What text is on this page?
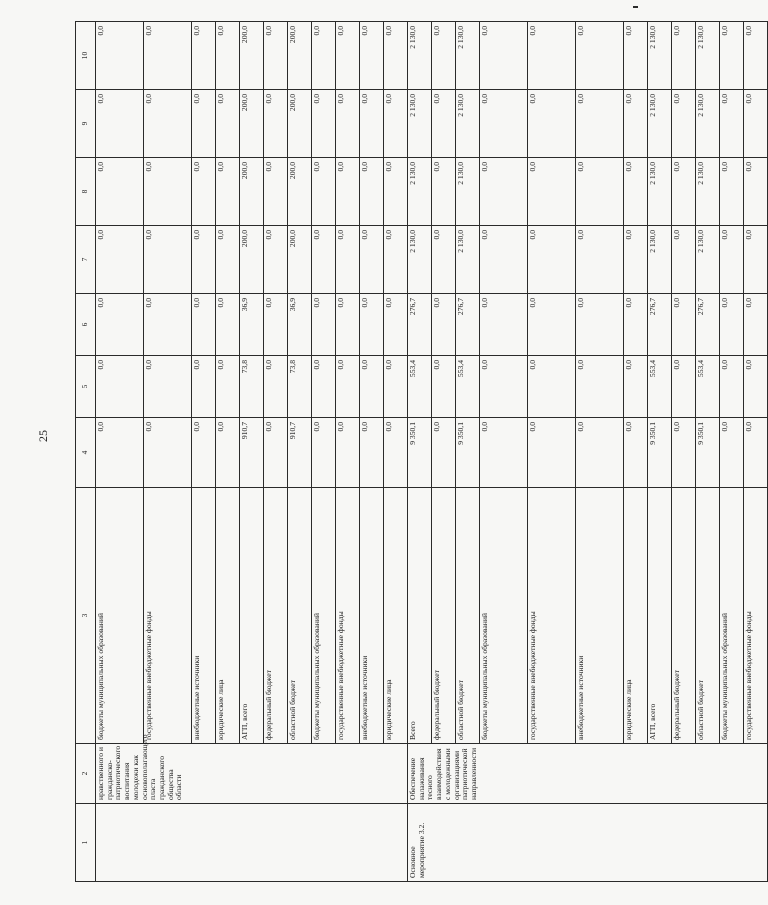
25
1	2	3	4	5	6	7	8	9	10
	нравственного и гражданско-патриотического воспитания молодежи как основополагающего пласта гражданского общества области	бюджеты муниципальных образований	0,0	0,0	0,0	0,0	0,0	0,0	0,0
		государственные внебюджетные фонды	0,0	0,0	0,0	0,0	0,0	0,0	0,0
		внебюджетные источники	0,0	0,0	0,0	0,0	0,0	0,0	0,0
		юридические лица	0,0	0,0	0,0	0,0	0,0	0,0	0,0
		АГП, всего	910,7	73,8	36,9	200,0	200,0	200,0	200,0
		федеральный бюджет	0,0	0,0	0,0	0,0	0,0	0,0	0,0
		областной бюджет	910,7	73,8	36,9	200,0	200,0	200,0	200,0
		бюджеты муниципальных образований	0,0	0,0	0,0	0,0	0,0	0,0	0,0
		государственные внебюджетные фонды	0,0	0,0	0,0	0,0	0,0	0,0	0,0
		внебюджетные источники	0,0	0,0	0,0	0,0	0,0	0,0	0,0
		юридические лица	0,0	0,0	0,0	0,0	0,0	0,0	0,0
Основное мероприятие 3.2.	Обеспечение налаживания тесного взаимодействия с молодежными организациями патриотической направленности	Всего	9 350,1	553,4	276,7	2 130,0	2 130,0	2 130,0	2 130,0
		федеральный бюджет	0,0	0,0	0,0	0,0	0,0	0,0	0,0
		областной бюджет	9 350,1	553,4	276,7	2 130,0	2 130,0	2 130,0	2 130,0
		бюджеты муниципальных образований	0,0	0,0	0,0	0,0	0,0	0,0	0,0
		государственные внебюджетные фонды	0,0	0,0	0,0	0,0	0,0	0,0	0,0
		внебюджетные источники	0,0	0,0	0,0	0,0	0,0	0,0	0,0
		юридические лица	0,0	0,0	0,0	0,0	0,0	0,0	0,0
		АГП, всего	9 350,1	553,4	276,7	2 130,0	2 130,0	2 130,0	2 130,0
		федеральный бюджет	0,0	0,0	0,0	0,0	0,0	0,0	0,0
		областной бюджет	9 350,1	553,4	276,7	2 130,0	2 130,0	2 130,0	2 130,0
		бюджеты муниципальных образований	0,0	0,0	0,0	0,0	0,0	0,0	0,0
		государственные внебюджетные фонды	0,0	0,0	0,0	0,0	0,0	0,0	0,0
